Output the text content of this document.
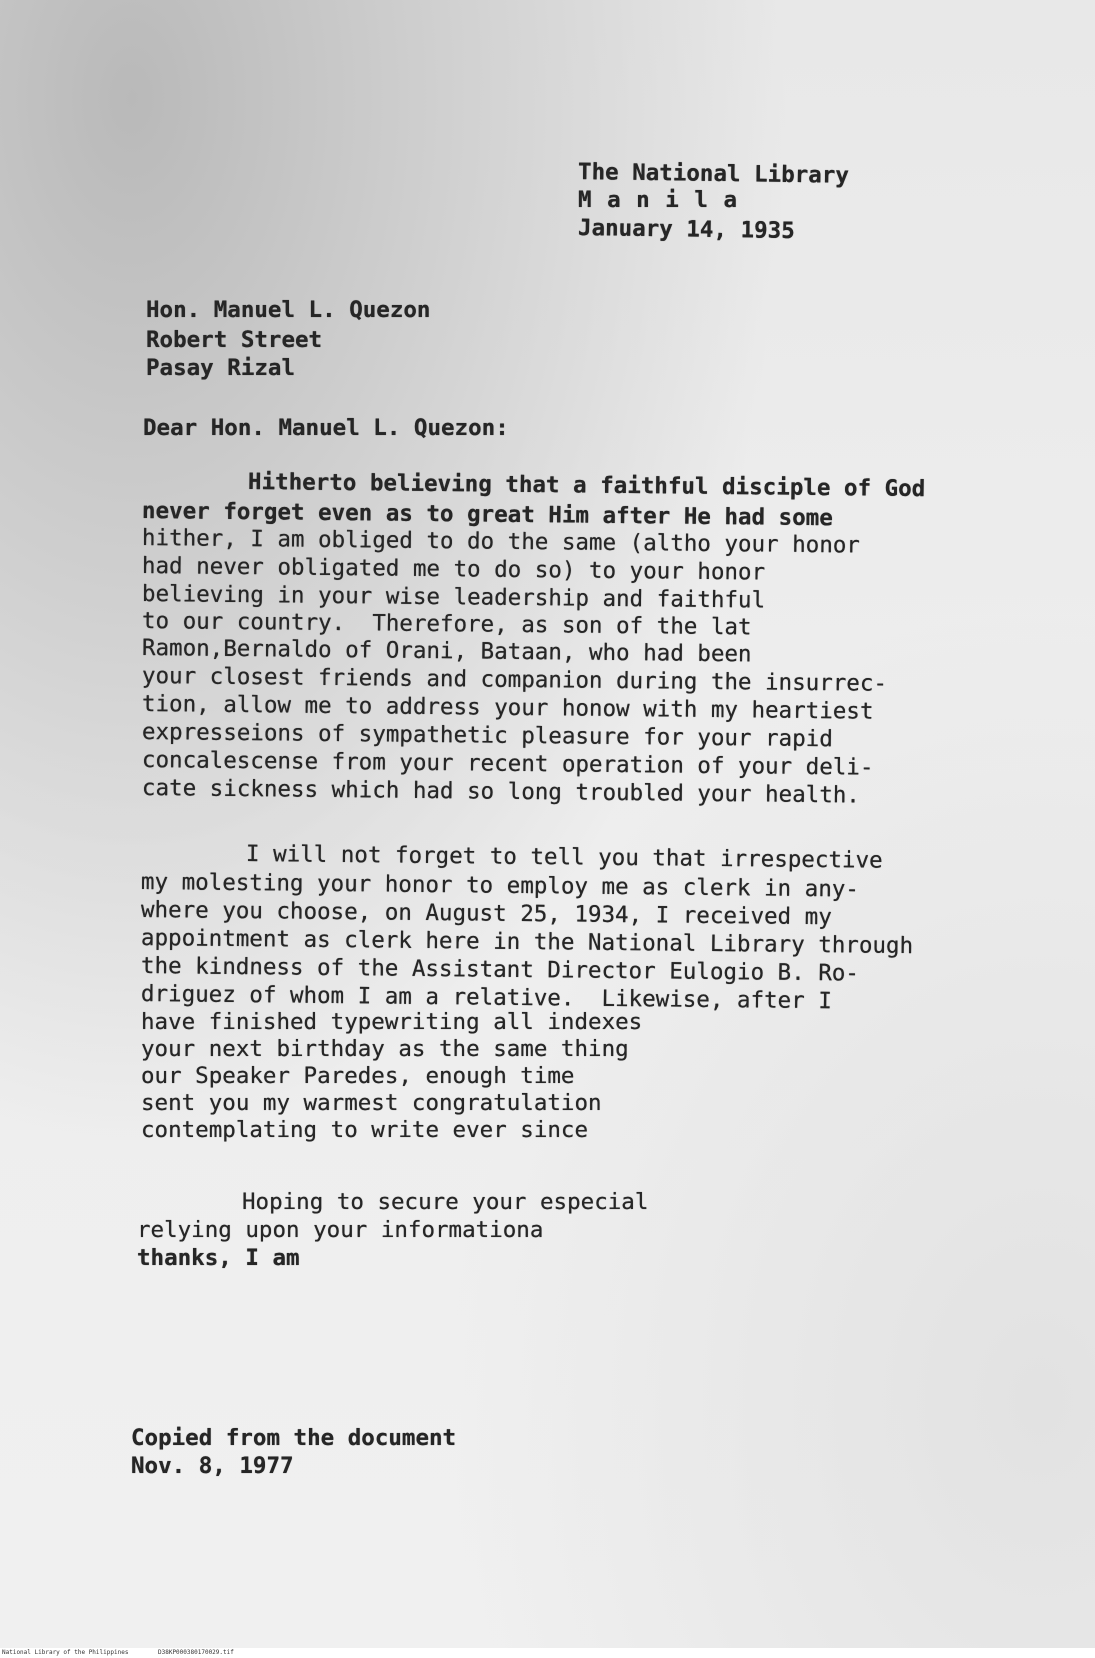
The National Library
M a n i l a
January 14, 1935
Hon. Manuel L. Quezon
Robert Street
Pasay Rizal
Dear Hon. Manuel L. Quezon:
Hitherto believing that a faithful disciple of God
never forget even as to great Him after He had some
hither, I am obliged to do the same (altho your honor
had never obligated me to do so) to your honor
believing in your wise leadership and faithful
to our country.  Therefore, as son of the lat
Ramon,Bernaldo of Orani, Bataan, who had been
your closest friends and companion during the insurrec-
tion, allow me to address your honow with my heartiest
expresseions of sympathetic pleasure for your rapid
concalescense from your recent operation of your deli-
cate sickness which had so long troubled your health.
I will not forget to tell you that irrespective
my molesting your honor to employ me as clerk in any-
where you choose, on August 25, 1934, I received my
appointment as clerk here in the National Library through
the kindness of the Assistant Director Eulogio B. Ro-
driguez of whom I am a relative.  Likewise, after I
have finished typewriting all indexes
your next birthday as the same thing
our Speaker Paredes, enough time
sent you my warmest congratulation
contemplating to write ever since
Hoping to secure your especial
relying upon your informationa
thanks, I am
Copied from the document
Nov. 8, 1977
National Library of the Philippines	D38KP000380170029.tif
